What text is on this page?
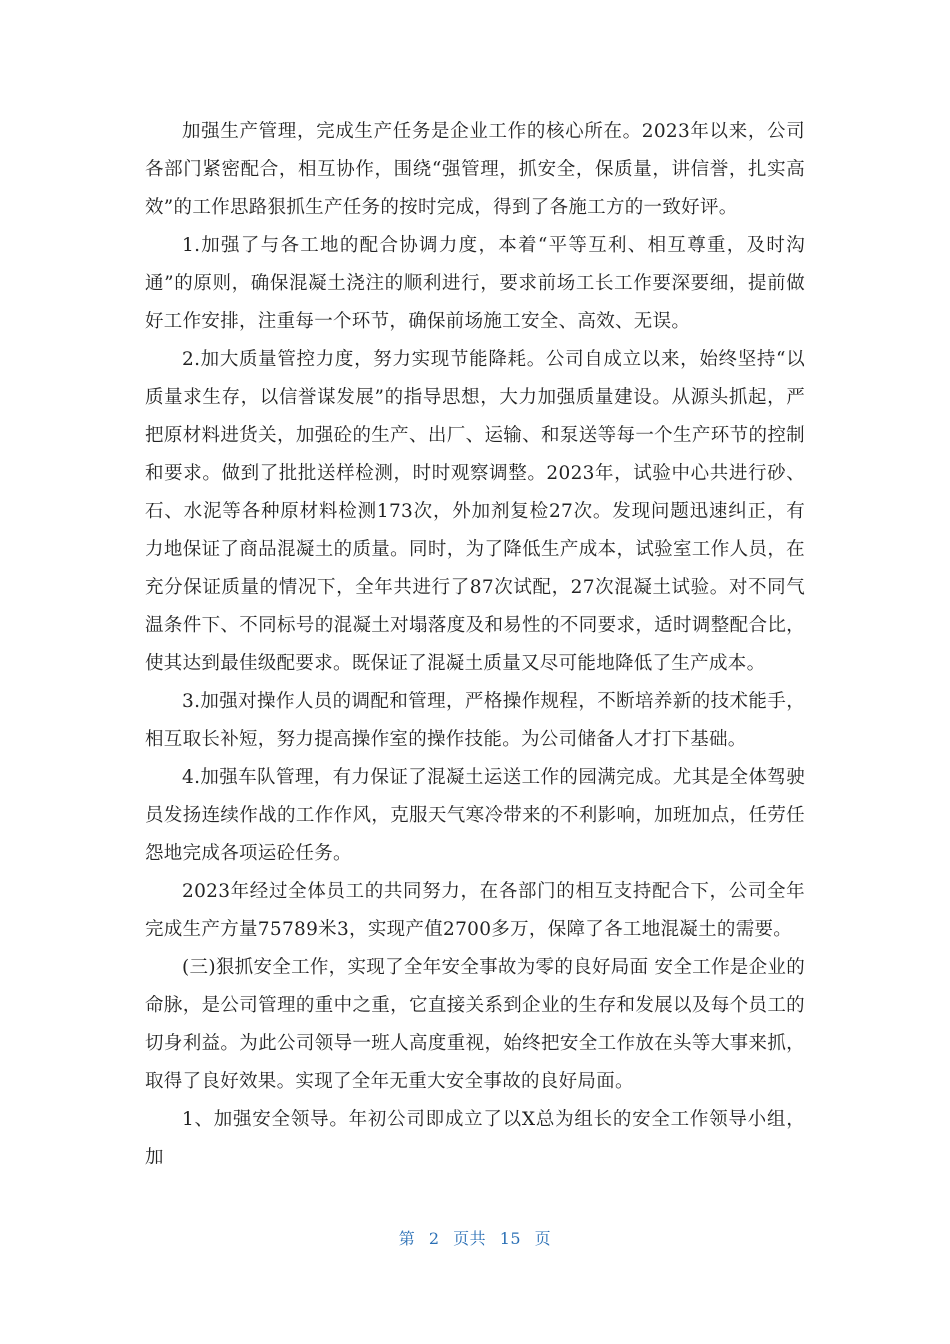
加强生产管理，完成生产任务是企业工作的核心所在。2023年以来，公司各部门紧密配合，相互协作，围绕“强管理，抓安全，保质量，讲信誉，扎实高效”的工作思路狠抓生产任务的按时完成，得到了各施工方的一致好评。

1.加强了与各工地的配合协调力度，本着“平等互利、相互尊重，及时沟通”的原则，确保混凝土浇注的顺利进行，要求前场工长工作要深要细，提前做好工作安排，注重每一个环节，确保前场施工安全、高效、无误。

2.加大质量管控力度，努力实现节能降耗。公司自成立以来，始终坚持“以质量求生存，以信誉谋发展”的指导思想，大力加强质量建设。从源头抓起，严把原材料进货关，加强砼的生产、出厂、运输、和泵送等每一个生产环节的控制和要求。做到了批批送样检测，时时观察调整。2023年，试验中心共进行砂、石、水泥等各种原材料检测173次，外加剂复检27次。发现问题迅速纠正，有力地保证了商品混凝土的质量。同时，为了降低生产成本，试验室工作人员，在充分保证质量的情况下，全年共进行了87次试配，27次混凝土试验。对不同气温条件下、不同标号的混凝土对塌落度及和易性的不同要求，适时调整配合比，使其达到最佳级配要求。既保证了混凝土质量又尽可能地降低了生产成本。

3.加强对操作人员的调配和管理，严格操作规程，不断培养新的技术能手，相互取长补短，努力提高操作室的操作技能。为公司储备人才打下基础。

4.加强车队管理，有力保证了混凝土运送工作的园满完成。尤其是全体驾驶员发扬连续作战的工作作风，克服天气寒冷带来的不利影响，加班加点，任劳任怨地完成各项运砼任务。

2023年经过全体员工的共同努力，在各部门的相互支持配合下，公司全年完成生产方量75789米3，实现产值2700多万，保障了各工地混凝土的需要。

(三)狠抓安全工作，实现了全年安全事故为零的良好局面 安全工作是企业的命脉，是公司管理的重中之重，它直接关系到企业的生存和发展以及每个员工的切身利益。为此公司领导一班人高度重视，始终把安全工作放在头等大事来抓，取得了良好效果。实现了全年无重大安全事故的良好局面。

1、加强安全领导。年初公司即成立了以X总为组长的安全工作领导小组，加

第 2 页共 15 页
